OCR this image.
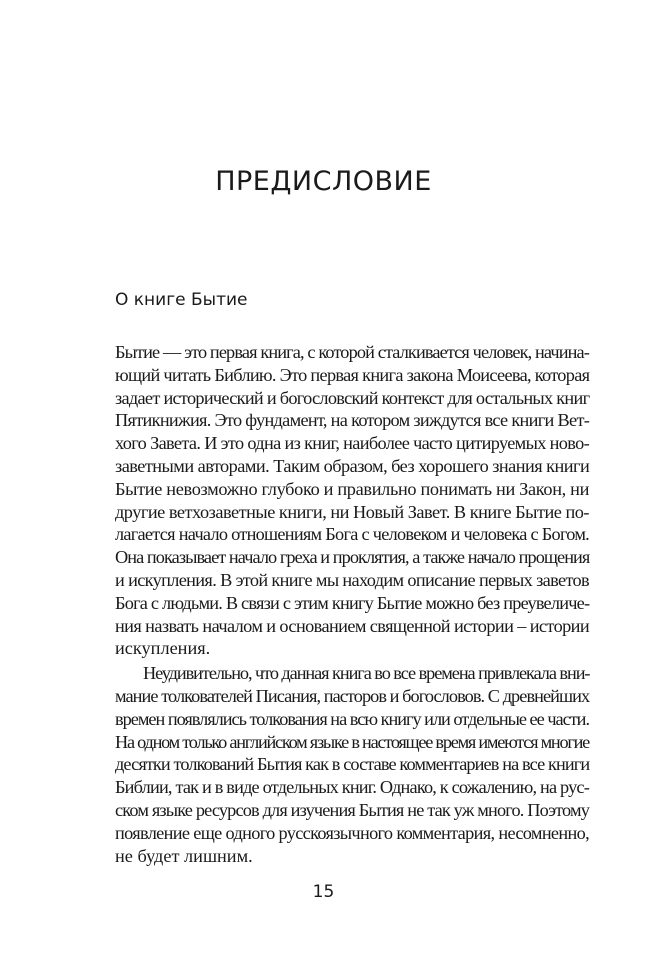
ПРЕДИСЛОВИЕ
О книге Бытие
Бытие — это первая книга, с которой сталкивается человек, начина-
ющий читать Библию. Это первая книга закона Моисеева, которая
задает исторический и богословский контекст для остальных книг
Пятикнижия. Это фундамент, на котором зиждутся все книги Вет-
хого Завета. И это одна из книг, наиболее часто цитируемых ново-
заветными авторами. Таким образом, без хорошего знания книги
Бытие невозможно глубоко и правильно понимать ни Закон, ни
другие ветхозаветные книги, ни Новый Завет. В книге Бытие по-
лагается начало отношениям Бога с человеком и человека с Богом.
Она показывает начало греха и проклятия, а также начало прощения
и искупления. В этой книге мы находим описание первых заветов
Бога с людьми. В связи с этим книгу Бытие можно без преувеличе-
ния назвать началом и основанием священной истории – истории
искупления.
Неудивительно, что данная книга во все времена привлекала вни-
мание толкователей Писания, пасторов и богословов. С древнейших
времен появлялись толкования на всю книгу или отдельные ее части.
На одном только английском языке в настоящее время имеются многие
десятки толкований Бытия как в составе комментариев на все книги
Библии, так и в виде отдельных книг. Однако, к сожалению, на рус-
ском языке ресурсов для изучения Бытия не так уж много. Поэтому
появление еще одного русскоязычного комментария, несомненно,
не будет лишним.
15
